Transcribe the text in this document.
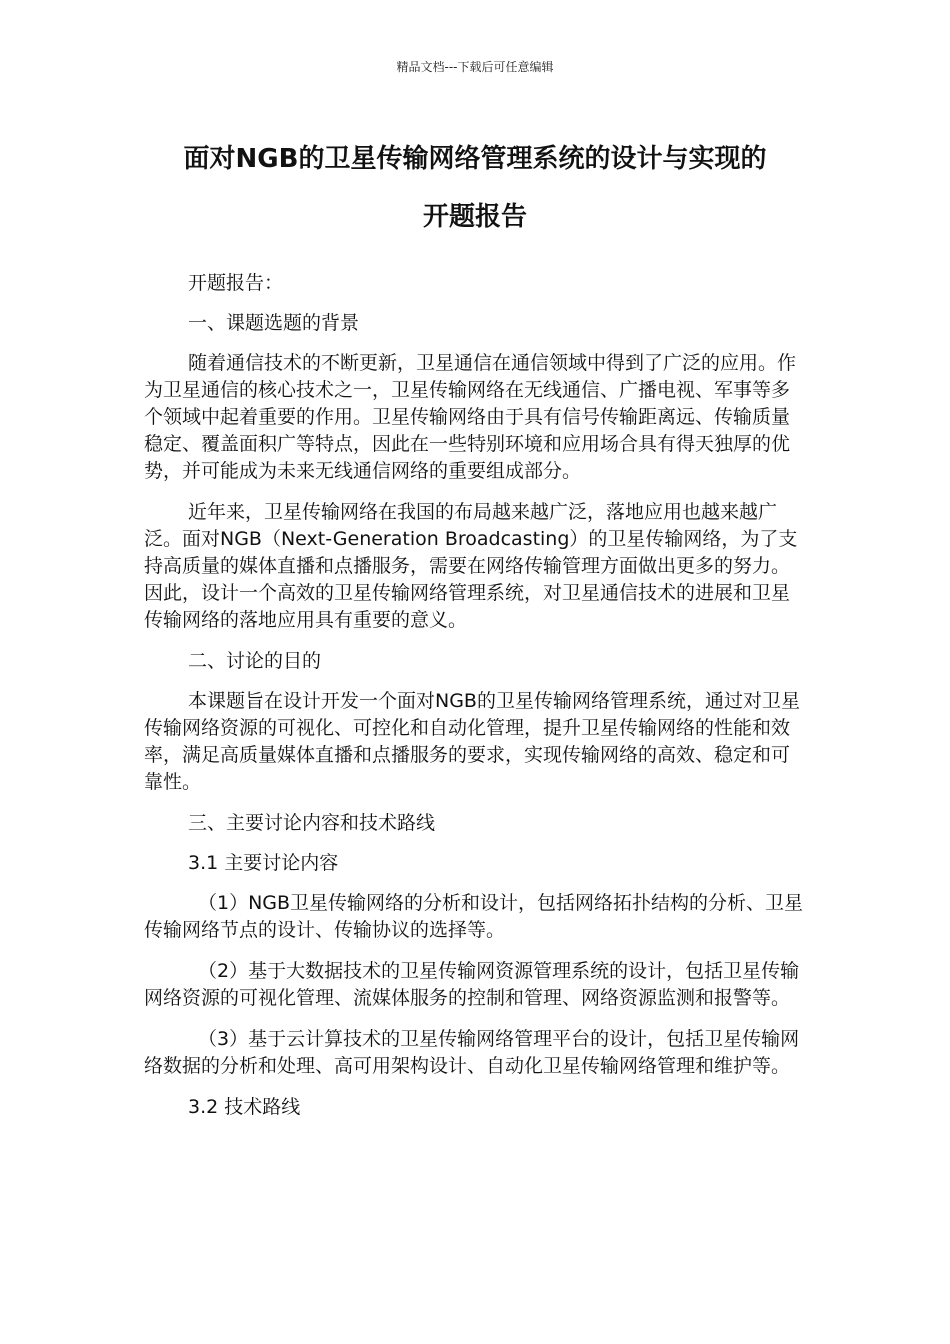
精品文档---下载后可任意编辑
面对NGB的卫星传输网络管理系统的设计与实现的
开题报告

开题报告：

一、课题选题的背景

随着通信技术的不断更新，卫星通信在通信领域中得到了广泛的应用。作为卫星通信的核心技术之一，卫星传输网络在无线通信、广播电视、军事等多个领域中起着重要的作用。卫星传输网络由于具有信号传输距离远、传输质量稳定、覆盖面积广等特点，因此在一些特别环境和应用场合具有得天独厚的优势，并可能成为未来无线通信网络的重要组成部分。

近年来，卫星传输网络在我国的布局越来越广泛，落地应用也越来越广泛。面对NGB（Next-Generation Broadcasting）的卫星传输网络，为了支持高质量的媒体直播和点播服务，需要在网络传输管理方面做出更多的努力。因此，设计一个高效的卫星传输网络管理系统，对卫星通信技术的进展和卫星传输网络的落地应用具有重要的意义。

二、讨论的目的

本课题旨在设计开发一个面对NGB的卫星传输网络管理系统，通过对卫星传输网络资源的可视化、可控化和自动化管理，提升卫星传输网络的性能和效率，满足高质量媒体直播和点播服务的要求，实现传输网络的高效、稳定和可靠性。

三、主要讨论内容和技术路线

3.1 主要讨论内容

（1）NGB卫星传输网络的分析和设计，包括网络拓扑结构的分析、卫星传输网络节点的设计、传输协议的选择等。

（2）基于大数据技术的卫星传输网资源管理系统的设计，包括卫星传输网络资源的可视化管理、流媒体服务的控制和管理、网络资源监测和报警等。

（3）基于云计算技术的卫星传输网络管理平台的设计，包括卫星传输网络数据的分析和处理、高可用架构设计、自动化卫星传输网络管理和维护等。

3.2 技术路线
